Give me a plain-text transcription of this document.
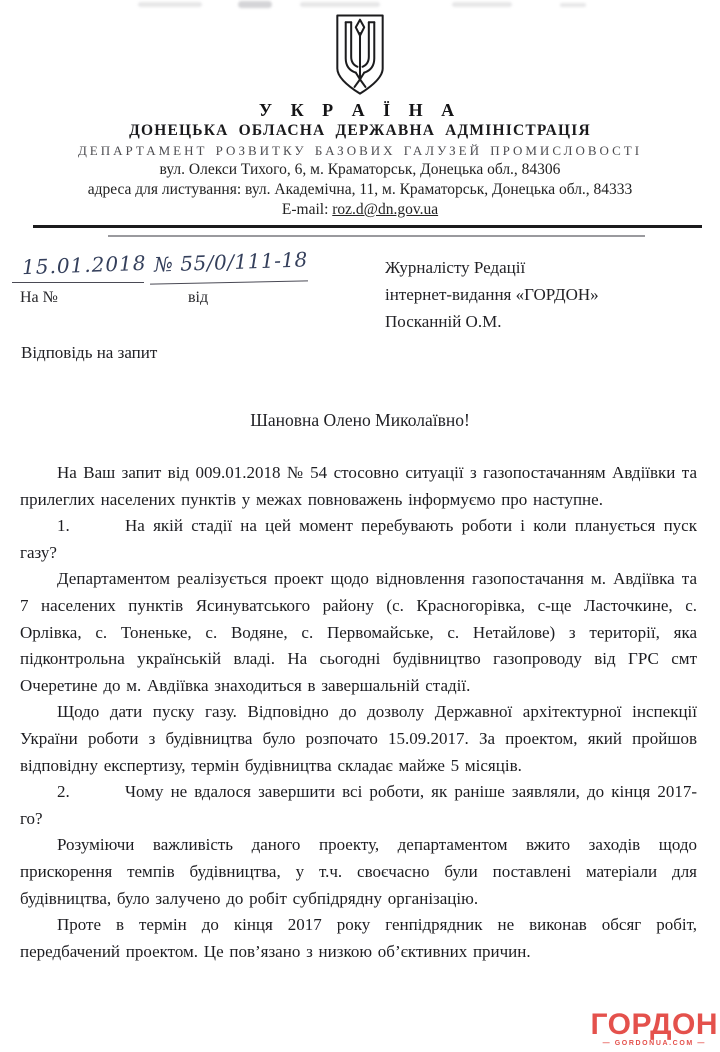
У К Р А Ї Н А
ДОНЕЦЬКА ОБЛАСНА ДЕРЖАВНА АДМІНІСТРАЦІЯ
ДЕПАРТАМЕНТ РОЗВИТКУ БАЗОВИХ ГАЛУЗЕЙ ПРОМИСЛОВОСТІ
вул. Олекси Тихого, 6, м. Краматорськ, Донецька обл., 84306
адреса для листування: вул. Академічна, 11, м. Краматорськ, Донецька обл., 84333
E-mail: roz.d@dn.gov.ua
15.01.2018 № 55/0/111-18
На №	від
Журналісту Редації
інтернет-видання «ГОРДОН»
Посканній О.М.
Відповідь на запит
Шановна Олено Миколаївно!

На Ваш запит від 009.01.2018 № 54 стосовно ситуації з газопостачанням Авдіївки та прилеглих населених пунктів у межах повноважень інформуємо про наступне.

1.	На якій стадії на цей момент перебувають роботи і коли планується пуск газу?

Департаментом реалізується проект щодо відновлення газопостачання м. Авдіївка та 7 населених пунктів Ясинуватського району (с. Красногорівка, с-ще Ласточкине, с. Орлівка, с. Тоненьке, с. Водяне, с. Первомайське, с. Нетайлове) з території, яка підконтрольна українській владі. На сьогодні будівництво газопроводу від ГРС смт Очеретине до м. Авдіївка знаходиться в завершальній стадії.

Щодо дати пуску газу. Відповідно до дозволу Державної архітектурної інспекції України роботи з будівництва було розпочато 15.09.2017. За проектом, який пройшов відповідну експертизу, термін будівництва складає майже 5 місяців.

2.	Чому не вдалося завершити всі роботи, як раніше заявляли, до кінця 2017-го?

Розуміючи важливість даного проекту, департаментом вжито заходів щодо прискорення темпів будівництва, у т.ч. своєчасно були поставлені матеріали для будівництва, було залучено до робіт субпідрядну організацію.

Проте в термін до кінця 2017 року генпідрядник не виконав обсяг робіт, передбачений проектом. Це пов’язано з низкою об’єктивних причин.

ГОРДОН
— GORDONUA.COM —
